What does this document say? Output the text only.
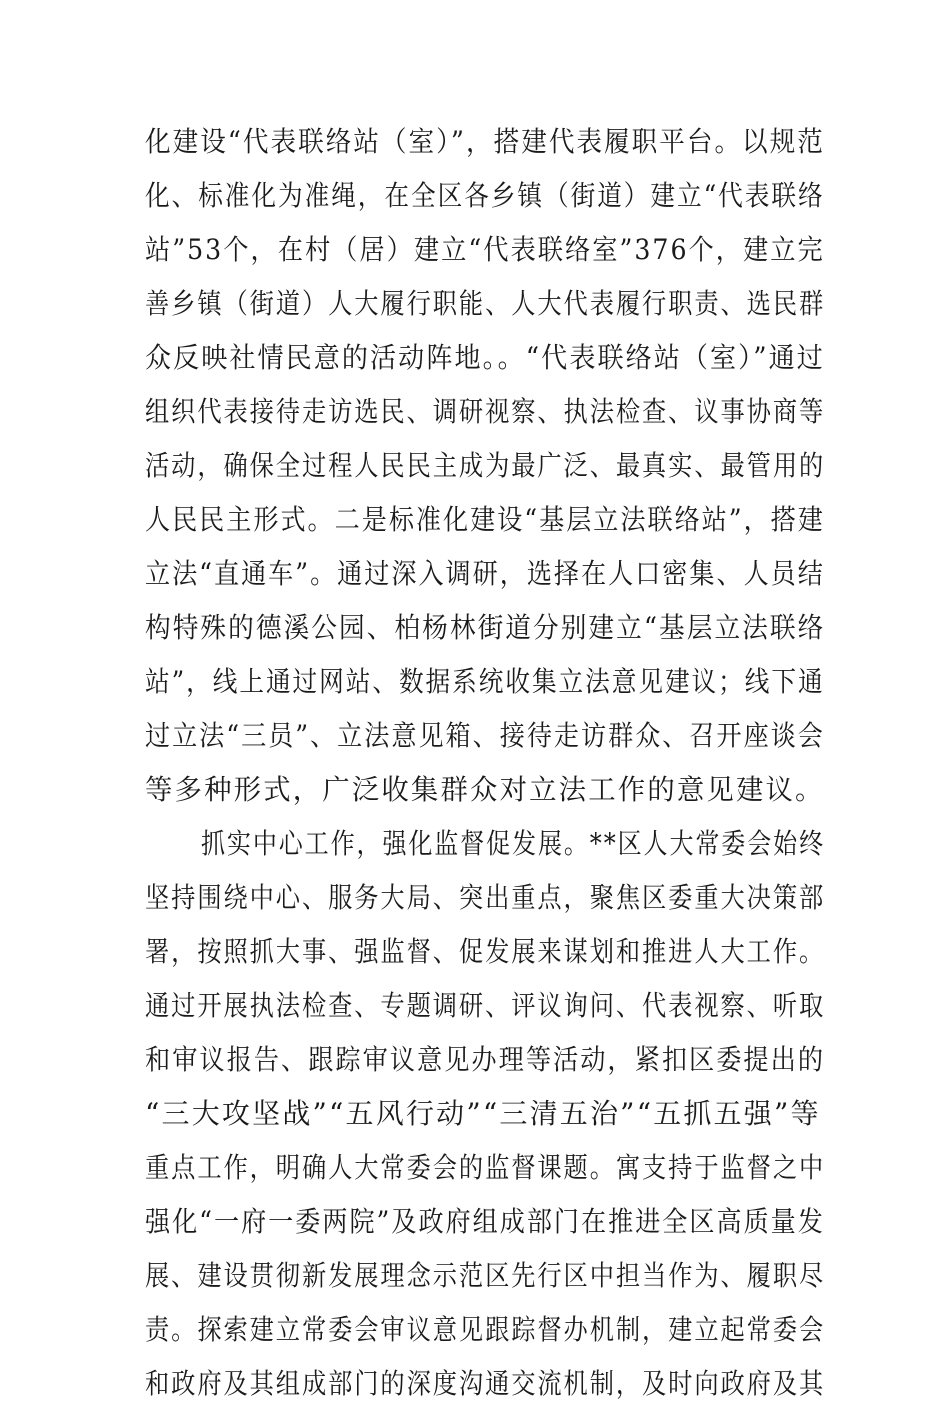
化建设“代表联络站（室）”，搭建代表履职平台。以规范
化、标准化为准绳，在全区各乡镇（街道）建立“代表联络
站”53个，在村（居）建立“代表联络室”376个，建立完
善乡镇（街道）人大履行职能、人大代表履行职责、选民群
众反映社情民意的活动阵地。。“代表联络站（室）”通过
组织代表接待走访选民、调研视察、执法检查、议事协商等
活动，确保全过程人民民主成为最广泛、最真实、最管用的
人民民主形式。二是标准化建设“基层立法联络站”，搭建
立法“直通车”。通过深入调研，选择在人口密集、人员结
构特殊的德溪公园、柏杨林街道分别建立“基层立法联络
站”，线上通过网站、数据系统收集立法意见建议；线下通
过立法“三员”、立法意见箱、接待走访群众、召开座谈会
等多种形式，广泛收集群众对立法工作的意见建议。
抓实中心工作，强化监督促发展。**区人大常委会始终
坚持围绕中心、服务大局、突出重点，聚焦区委重大决策部
署，按照抓大事、强监督、促发展来谋划和推进人大工作。
通过开展执法检查、专题调研、评议询问、代表视察、听取
和审议报告、跟踪审议意见办理等活动，紧扣区委提出的
“三大攻坚战”“五风行动”“三清五治”“五抓五强”等
重点工作，明确人大常委会的监督课题。寓支持于监督之中
强化“一府一委两院”及政府组成部门在推进全区高质量发
展、建设贯彻新发展理念示范区先行区中担当作为、履职尽
责。探索建立常委会审议意见跟踪督办机制，建立起常委会
和政府及其组成部门的深度沟通交流机制，及时向政府及其
